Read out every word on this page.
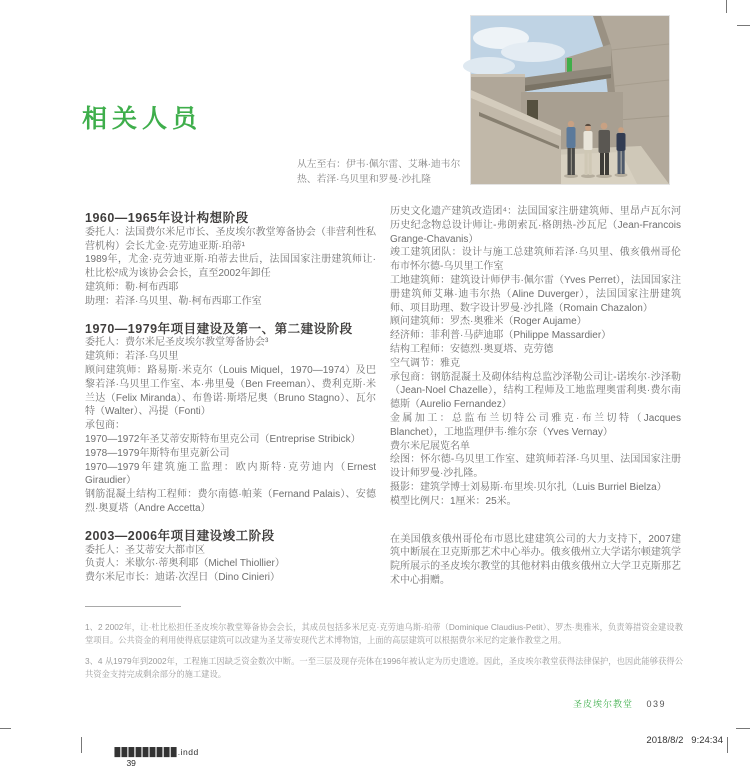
相关人员
从左至右：伊韦·佩尔雷、艾琳·迪韦尔
热、若泽·乌贝里和罗曼·沙扎隆

1960—1965年设计构想阶段

委托人：法国费尔米尼市长、圣皮埃尔教堂筹备协会（非营利性私营机构）会长尤金·克劳迪亚斯·珀蒂¹

1989年，尤金·克劳迪亚斯·珀蒂去世后，法国国家注册建筑师让·杜比松²成为该协会会长，直至2002年卸任

建筑师：勒·柯布西耶

助理：若泽·乌贝里、勒·柯布西耶工作室

1970—1979年项目建设及第一、第二建设阶段

委托人：费尔米尼圣皮埃尔教堂筹备协会³

建筑师：若泽·乌贝里

顾问建筑师：路易斯·米克尔（Louis Miquel，1970—1974）及巴黎若泽·乌贝里工作室、本·弗里曼（Ben Freeman）、费利克斯·米兰达（Felix Miranda）、布鲁诺·斯塔尼奥（Bruno Stagno）、瓦尔特（Walter）、冯提（Fonti）

承包商：

1970—1972年圣艾蒂安斯特布里克公司（Entreprise Stribick）

1978—1979年斯特布里克新公司

1970—1979年建筑施工监理：欧内斯特·克劳迪内（Ernest Giraudier）

钢筋混凝土结构工程师：费尔南德·帕莱（Fernand Palais）、安德烈·奥夏塔（Andre Accetta）

2003—2006年项目建设竣工阶段

委托人：圣艾蒂安大都市区

负责人：米歇尔·蒂奥利耶（Michel Thiollier）

费尔米尼市长：迪诺·次涅日（Dino Cinieri）

历史文化遗产建筑改造团⁴：法国国家注册建筑师、里昂卢瓦尔河历史纪念物总设计师让-弗朗索瓦·格朗热-沙瓦尼（Jean-Francois Grange-Chavanis）

竣工建筑团队：设计与施工总建筑师若泽·乌贝里、俄亥俄州哥伦布市怀尔德-乌贝里工作室

工地建筑师：建筑设计师伊韦·佩尔雷（Yves Perret），法国国家注册建筑师艾琳·迪韦尔热（Aline Duverger），法国国家注册建筑师、项目助理、数字设计罗曼·沙扎隆（Romain Chazalon）

顾问建筑师：罗杰·奥雅米（Roger Aujame）

经济师：菲利普·马萨迪耶（Philippe Massardier）

结构工程师：安德烈·奥夏塔、克劳德

空气调节：雅克

承包商：钢筋混凝土及砌体结构总监沙泽勒公司让-诺埃尔·沙泽勒（Jean-Noel Chazelle），结构工程师及工地监理奥雷利奥·费尔南德斯（Aurelio Fernandez）

金属加工：总监布兰切特公司雅克·布兰切特（Jacques Blanchet），工地监理伊韦·维尔奈（Yves Vernay）

费尔米尼展览名单

绘图：怀尔德-乌贝里工作室、建筑师若泽·乌贝里、法国国家注册设计师罗曼·沙扎隆。

摄影：建筑学博士刘易斯·布里埃·贝尔扎（Luis Burriel Bielza）

模型比例尺：1厘米：25米。

在美国俄亥俄州哥伦布市恩比建建筑公司的大力支持下，2007建筑中断展在卫克斯那艺术中心举办。俄亥俄州立大学诺尔顿建筑学院所展示的圣皮埃尔教堂的其他材料由俄亥俄州立大学卫克斯那艺术中心捐赠。

1、2 2002年，让·杜比松担任圣皮埃尔教堂筹备协会会长，其成员包括多米尼克·克劳迪乌斯-珀蒂（Dominique Claudius-Petit）、罗杰·奥雅米，负责筹措资金建设教堂项目。公共资金的利用使得底层建筑可以改建为圣艾蒂安现代艺术博物馆，上面的高层建筑可以根据费尔米尼约定兼作教堂之用。

3、4 从1979年到2002年，工程施工因缺乏资金数次中断。一至三层及现存壳体在1996年被认定为历史遗迹。因此，圣皮埃尔教堂获得法律保护，也因此能够获得公共资金支持完成剩余部分的施工建设。

圣皮埃尔教堂 039

▉▉▉▉▉▉▉▉▉.indd
39

2018/8/2   9:24:34
